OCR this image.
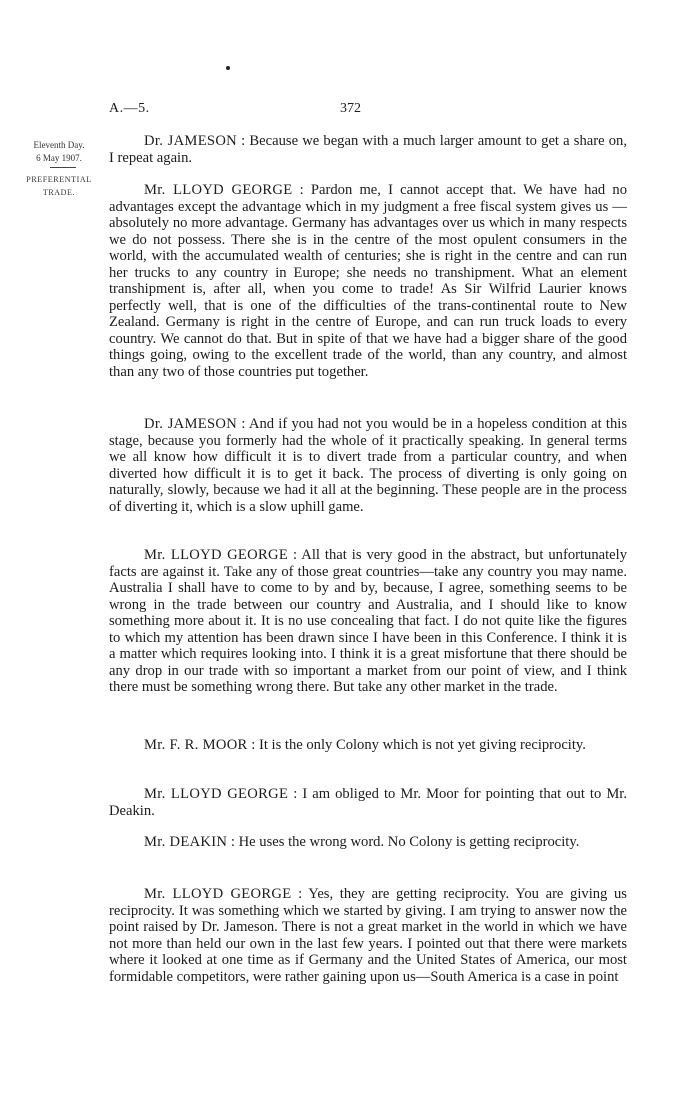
A.—5.	372
Eleventh Day.
6 May 1907.
PREFERENTIAL
TRADE.

Dr. JAMESON : Because we began with a much larger amount to get a share on, I repeat again.

Mr. LLOYD GEORGE : Pardon me, I cannot accept that. We have had no advantages except the advantage which in my judgment a free fiscal system gives us — absolutely no more advantage. Germany has advantages over us which in many respects we do not possess. There she is in the centre of the most opulent consumers in the world, with the accumulated wealth of centuries; she is right in the centre and can run her trucks to any country in Europe; she needs no transhipment. What an element transhipment is, after all, when you come to trade! As Sir Wilfrid Laurier knows perfectly well, that is one of the difficulties of the trans-continental route to New Zealand. Germany is right in the centre of Europe, and can run truck loads to every country. We cannot do that. But in spite of that we have had a bigger share of the good things going, owing to the excellent trade of the world, than any country, and almost than any two of those countries put together.

Dr. JAMESON : And if you had not you would be in a hopeless condition at this stage, because you formerly had the whole of it practically speaking. In general terms we all know how difficult it is to divert trade from a particular country, and when diverted how difficult it is to get it back. The process of diverting is only going on naturally, slowly, because we had it all at the beginning. These people are in the process of diverting it, which is a slow uphill game.

Mr. LLOYD GEORGE : All that is very good in the abstract, but unfortunately facts are against it. Take any of those great countries—take any country you may name. Australia I shall have to come to by and by, because, I agree, something seems to be wrong in the trade between our country and Australia, and I should like to know something more about it. It is no use concealing that fact. I do not quite like the figures to which my attention has been drawn since I have been in this Conference. I think it is a matter which requires looking into. I think it is a great misfortune that there should be any drop in our trade with so important a market from our point of view, and I think there must be something wrong there. But take any other market in the trade.

Mr. F. R. MOOR : It is the only Colony which is not yet giving reciprocity.

Mr. LLOYD GEORGE : I am obliged to Mr. Moor for pointing that out to Mr. Deakin.

Mr. DEAKIN : He uses the wrong word. No Colony is getting reciprocity.

Mr. LLOYD GEORGE : Yes, they are getting reciprocity. You are giving us reciprocity. It was something which we started by giving. I am trying to answer now the point raised by Dr. Jameson. There is not a great market in the world in which we have not more than held our own in the last few years. I pointed out that there were markets where it looked at one time as if Germany and the United States of America, our most formidable competitors, were rather gaining upon us—South America is a case in point
